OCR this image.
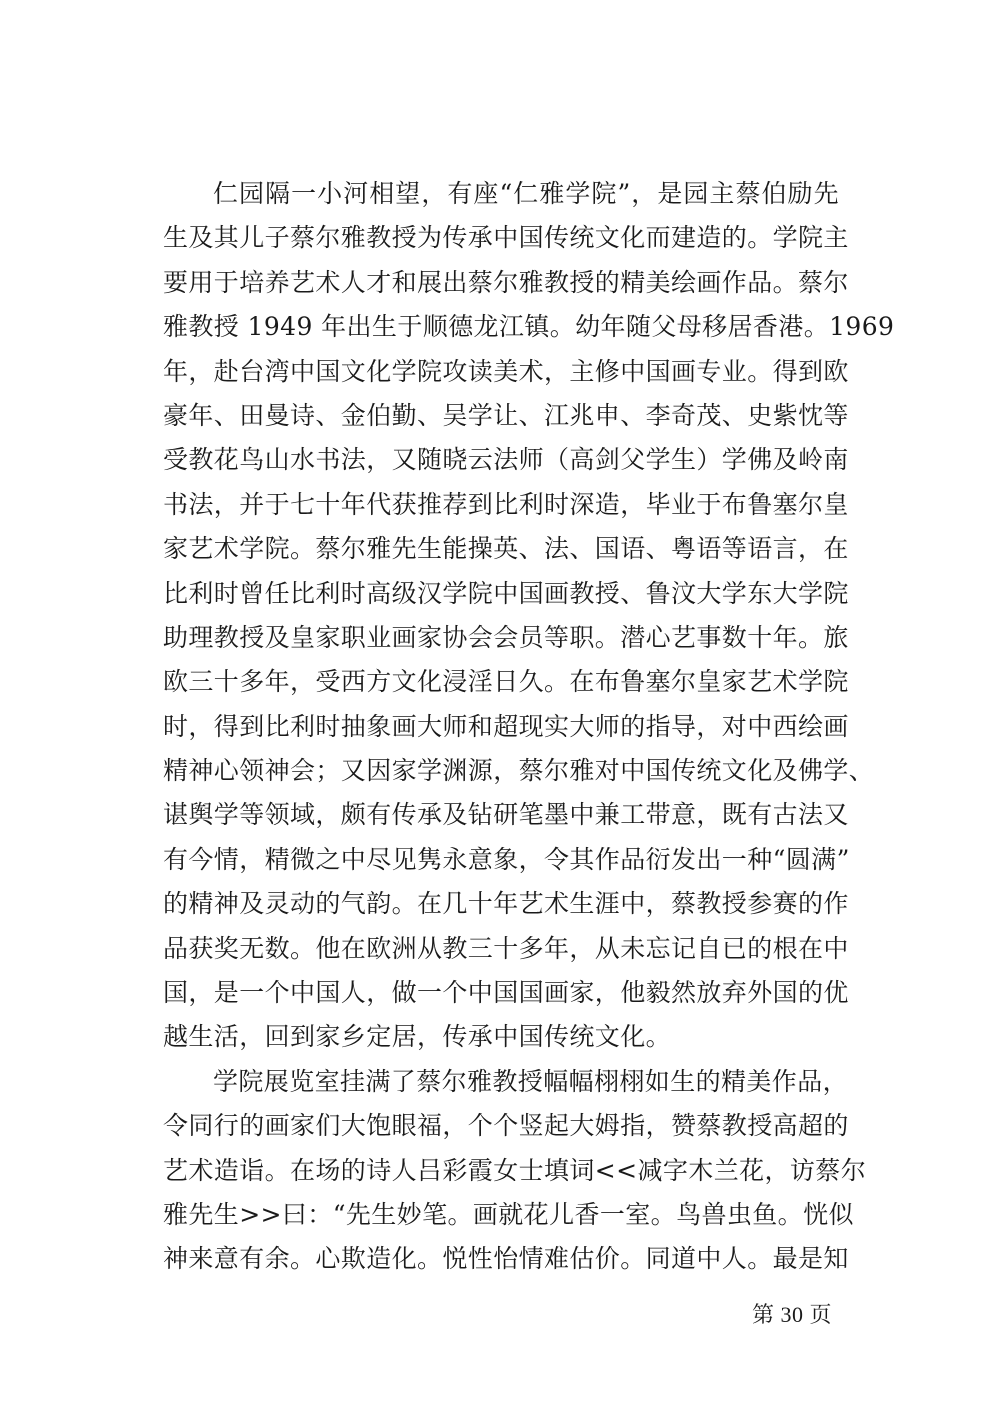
仁园隔一小河相望，有座“仁雅学院”，是园主蔡伯励先
生及其儿子蔡尔雅教授为传承中国传统文化而建造的。学院主
要用于培养艺术人才和展出蔡尔雅教授的精美绘画作品。蔡尔
雅教授 1949 年出生于顺德龙江镇。幼年随父母移居香港。1969
年，赴台湾中国文化学院攻读美术，主修中国画专业。得到欧
豪年、田曼诗、金伯勤、吴学让、江兆申、李奇茂、史紫忱等
受教花鸟山水书法，又随晓云法师（高剑父学生）学佛及岭南
书法，并于七十年代获推荐到比利时深造，毕业于布鲁塞尔皇
家艺术学院。蔡尔雅先生能操英、法、国语、粤语等语言，在
比利时曾任比利时高级汉学院中国画教授、鲁汶大学东大学院
助理教授及皇家职业画家协会会员等职。潜心艺事数十年。旅
欧三十多年，受西方文化浸淫日久。在布鲁塞尔皇家艺术学院
时，得到比利时抽象画大师和超现实大师的指导，对中西绘画
精神心领神会；又因家学渊源，蔡尔雅对中国传统文化及佛学、
谌舆学等领域，颇有传承及钻研笔墨中兼工带意，既有古法又
有今情，精微之中尽见隽永意象，令其作品衍发出一种“圆满”
的精神及灵动的气韵。在几十年艺术生涯中，蔡教授参赛的作
品获奖无数。他在欧洲从教三十多年，从未忘记自已的根在中
国，是一个中国人，做一个中国国画家，他毅然放弃外国的优
越生活，回到家乡定居，传承中国传统文化。
学院展览室挂满了蔡尔雅教授幅幅栩栩如生的精美作品，
令同行的画家们大饱眼福，个个竖起大姆指，赞蔡教授高超的
艺术造诣。在场的诗人吕彩霞女士填词<<减字木兰花，访蔡尔
雅先生>>曰：“先生妙笔。画就花儿香一室。鸟兽虫鱼。恍似
神来意有余。心欺造化。悦性怡情难估价。同道中人。最是知
第 30 页
